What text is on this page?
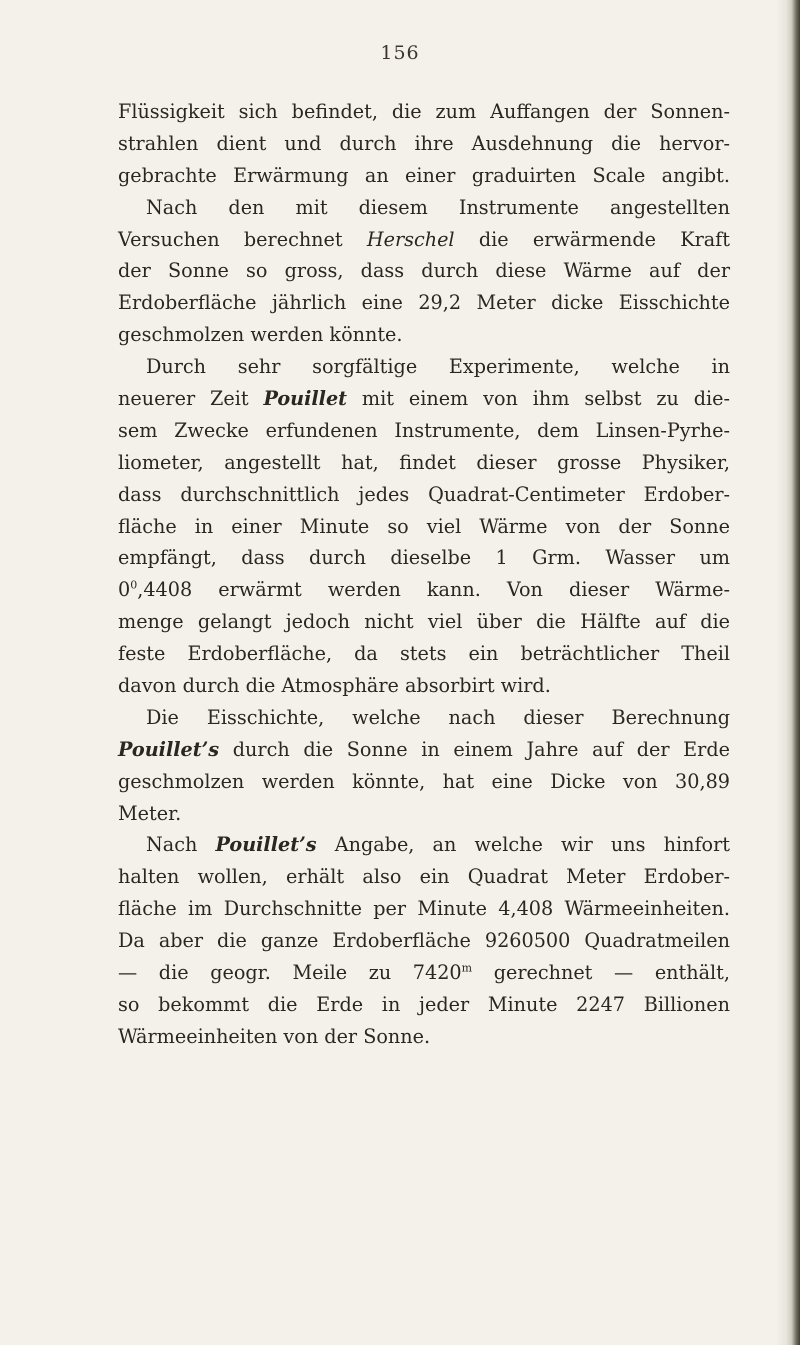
156
Flüssigkeit sich befindet, die zum Auffangen der Sonnen-
strahlen dient und durch ihre Ausdehnung die hervor-
gebrachte Erwärmung an einer graduirten Scale angibt.
Nach den mit diesem Instrumente angestellten
Versuchen berechnet Herschel die erwärmende Kraft
der Sonne so gross, dass durch diese Wärme auf der
Erdoberfläche jährlich eine 29,2 Meter dicke Eisschichte
geschmolzen werden könnte.
Durch sehr sorgfältige Experimente, welche in
neuerer Zeit Pouillet mit einem von ihm selbst zu die-
sem Zwecke erfundenen Instrumente, dem Linsen-Pyrhe-
liometer, angestellt hat, findet dieser grosse Physiker,
dass durchschnittlich jedes Quadrat-Centimeter Erdober-
fläche in einer Minute so viel Wärme von der Sonne
empfängt, dass durch dieselbe 1 Grm. Wasser um
$0^0,4408$ erwärmt werden kann. Von dieser Wärme-
menge gelangt jedoch nicht viel über die Hälfte auf die
feste Erdoberfläche, da stets ein beträchtlicher Theil
davon durch die Atmosphäre absorbirt wird.
Die Eisschichte, welche nach dieser Berechnung
Pouillet’s durch die Sonne in einem Jahre auf der Erde
geschmolzen werden könnte, hat eine Dicke von 30,89
Meter.
Nach Pouillet’s Angabe, an welche wir uns hinfort
halten wollen, erhält also ein Quadrat Meter Erdober-
fläche im Durchschnitte per Minute 4,408 Wärmeeinheiten.
Da aber die ganze Erdoberfläche 9260500 Quadratmeilen
— die geogr. Meile zu 7420$^m$ gerechnet — enthält,
so bekommt die Erde in jeder Minute 2247 Billionen
Wärmeeinheiten von der Sonne.
